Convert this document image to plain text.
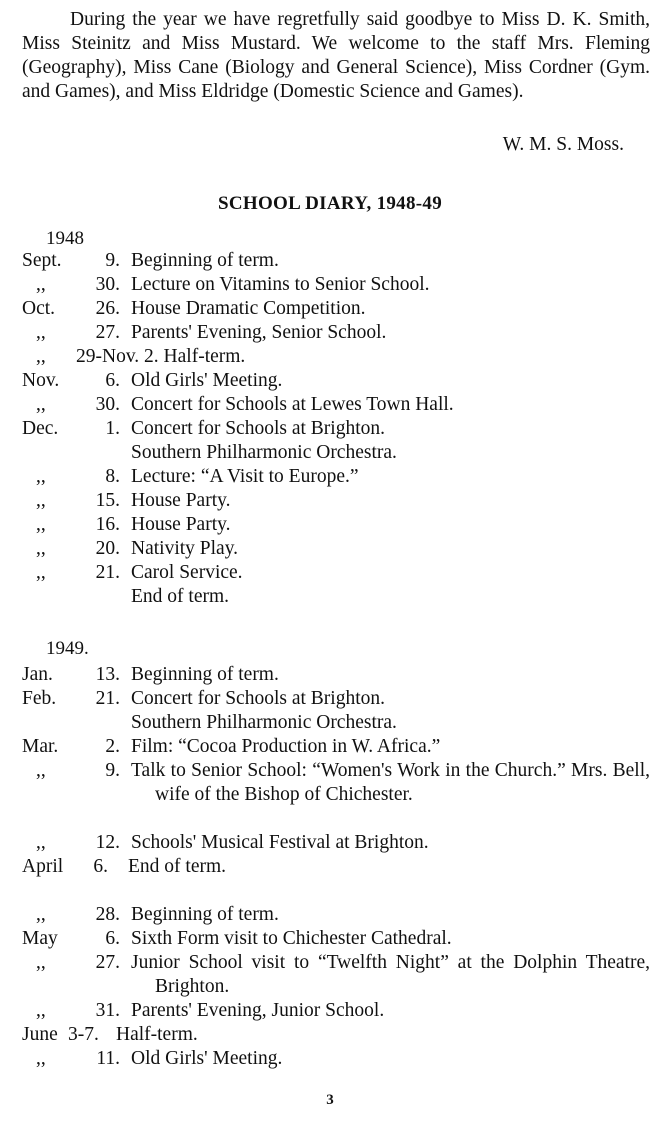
During the year we have regretfully said goodbye to Miss D. K. Smith, Miss Steinitz and Miss Mustard. We welcome to the staff Mrs. Fleming (Geography), Miss Cane (Biology and General Science), Miss Cordner (Gym. and Games), and Miss Eldridge (Domestic Science and Games).

W. M. S. Moss.
SCHOOL DIARY, 1948-49
1948
Sept.	9. Beginning of term.
,,	30. Lecture on Vitamins to Senior School.
Oct.	26. House Dramatic Competition.
,,	27. Parents' Evening, Senior School.
,,	29-Nov. 2. Half-term.
Nov.	6. Old Girls' Meeting.
,,	30. Concert for Schools at Lewes Town Hall.
Dec.	1. Concert for Schools at Brighton.
Southern Philharmonic Orchestra.
,,	8. Lecture: “A Visit to Europe.”
,,	15. House Party.
,,	16. House Party.
,,	20. Nativity Play.
,,	21. Carol Service.
End of term.
1949.
Jan.	13. Beginning of term.
Feb.	21. Concert for Schools at Brighton.
Southern Philharmonic Orchestra.
Mar.	2. Film: “Cocoa Production in W. Africa.”
,,	9. Talk to Senior School: “Women's Work in the Church.” Mrs. Bell, wife of the Bishop of Chichester.
,,	12. Schools' Musical Festival at Brighton.
April	6. End of term.
,,	28. Beginning of term.
May	6. Sixth Form visit to Chichester Cathedral.
,,	27. Junior School visit to “Twelfth Night” at the Dolphin Theatre, Brighton.
,,	31. Parents' Evening, Junior School.
June 3-7. Half-term.
,,	11. Old Girls' Meeting.
3
